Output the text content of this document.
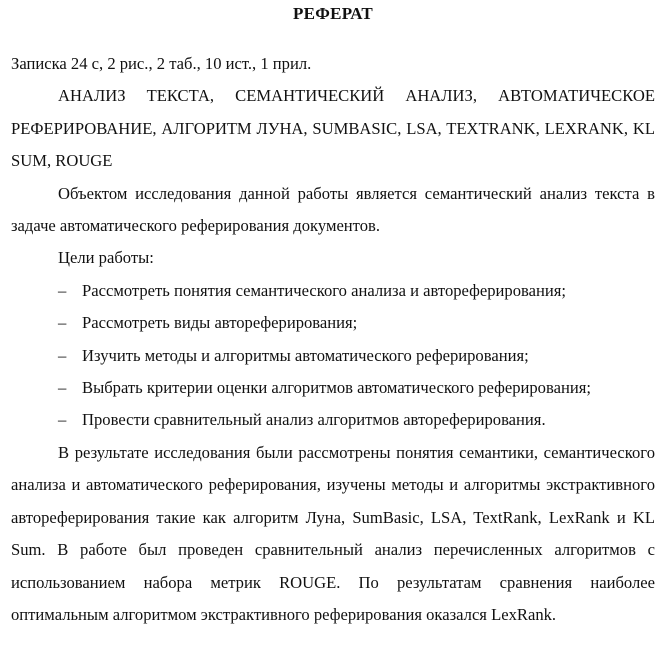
РЕФЕРАТ

Записка 24 с, 2 рис., 2 таб., 10 ист., 1 прил.

АНАЛИЗ ТЕКСТА, СЕМАНТИЧЕСКИЙ АНАЛИЗ, АВТОМАТИЧЕСКОЕ РЕФЕРИРОВАНИЕ, АЛГОРИТМ ЛУНА, SUMBASIC, LSA, TEXTRANK, LEXRANK, KL SUM, ROUGE

Объектом исследования данной работы является семантический анализ текста в задаче автоматического реферирования документов.

Цели работы:

– Рассмотреть понятия семантического анализа и автореферирования;
– Рассмотреть виды автореферирования;
– Изучить методы и алгоритмы автоматического реферирования;
– Выбрать критерии оценки алгоритмов автоматического реферирования;
– Провести сравнительный анализ алгоритмов автореферирования.

В результате исследования были рассмотрены понятия семантики, семантического анализа и автоматического реферирования, изучены методы и алгоритмы экстрактивного автореферирования такие как алгоритм Луна, SumBasic, LSA, TextRank, LexRank и KL Sum. В работе был проведен сравнительный анализ перечисленных алгоритмов с использованием набора метрик ROUGE. По результатам сравнения наиболее оптимальным алгоритмом экстрактивного реферирования оказался LexRank.
